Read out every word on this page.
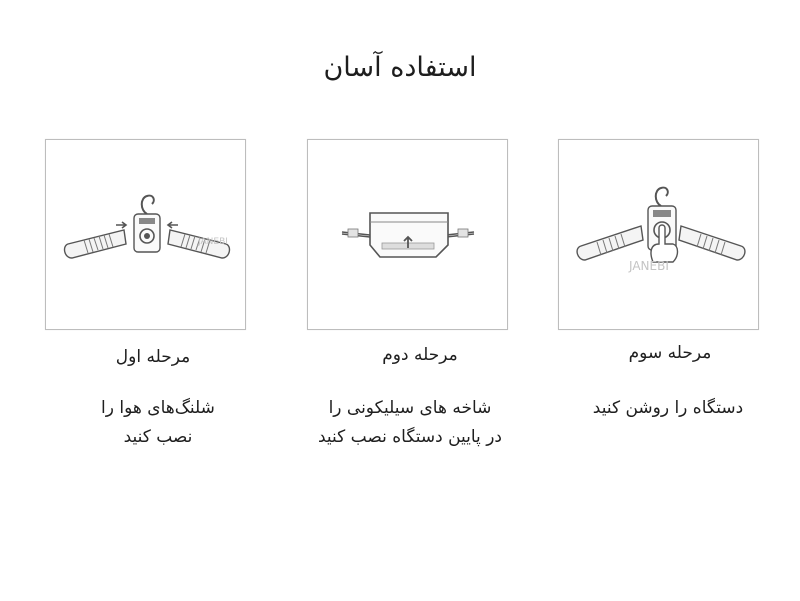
استفاده آسان
JANEBI
JANEBI
مرحله اول	مرحله دوم	مرحله سوم
شلنگ‌های هوا را
نصب کنید
شاخه های سیلیکونی را
در پایین دستگاه نصب کنید
دستگاه را روشن کنید
